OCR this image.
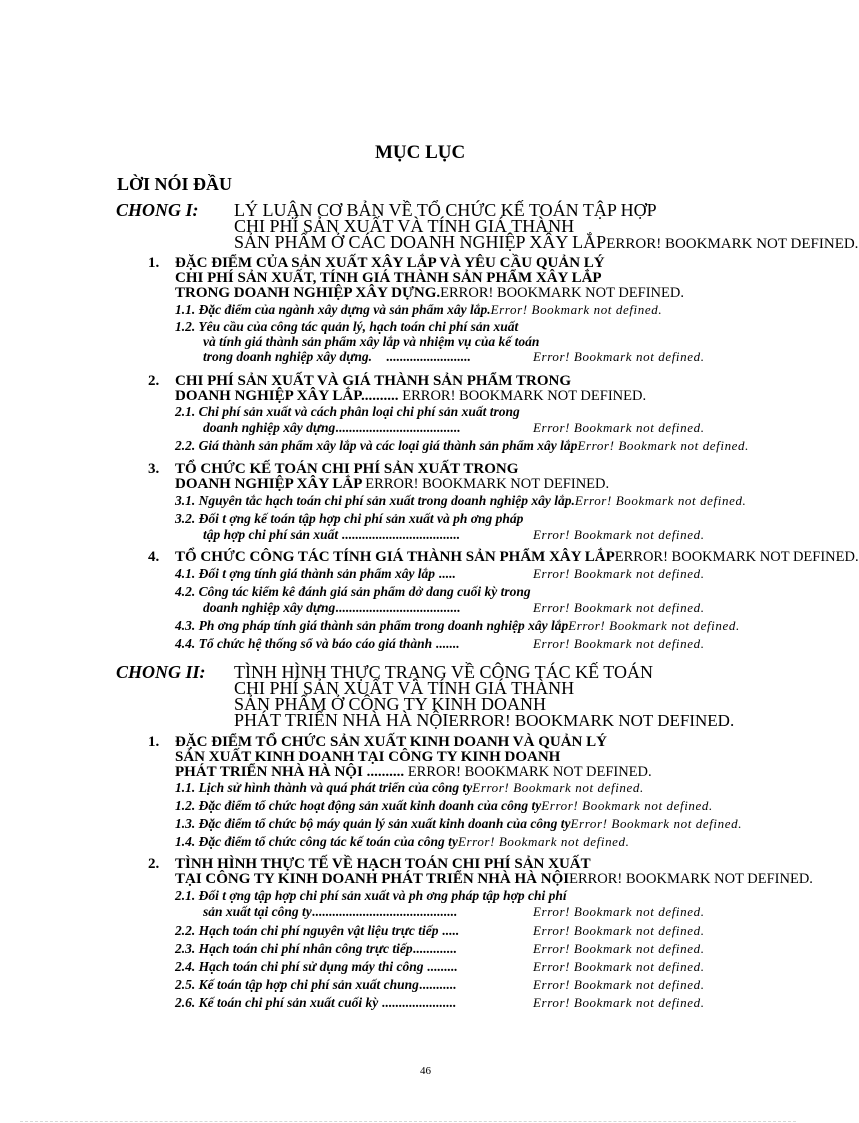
MỤC LỤC
LỜI NÓI ĐẦU
CHONG I: LÝ LUẬN CƠ BẢN VỀ TỔ CHỨC KẾ TOÁN TẬP HỢP
CHI PHÍ SẢN XUẤT VÀ TÍNH GIÁ THÀNH
SẢN PHẨM Ở CÁC DOANH NGHIỆP XÂY LẮPERROR! BOOKMARK NOT DEFINED.
1. ĐẶC ĐIỂM CỦA SẢN XUẤT XÂY LẮP VÀ YÊU CẦU QUẢN LÝ
CHI PHÍ SẢN XUẤT, TÍNH GIÁ THÀNH SẢN PHẨM XÂY LẮP
TRONG DOANH NGHIỆP XÂY DỰNG.ERROR! BOOKMARK NOT DEFINED.
1.1. Đặc điểm của ngành xây dựng và sản phẩm xây lắp.Error! Bookmark not defined.
1.2. Yêu cầu của công tác quản lý, hạch toán chi phí sản xuất
và tính giá thành sản phẩm xây lắp và nhiệm vụ của kế toán
trong doanh nghiệp xây dựng. .........................	Error! Bookmark not defined.
2. CHI PHÍ SẢN XUẤT VÀ GIÁ THÀNH SẢN PHẨM TRONG
DOANH NGHIỆP XÂY LẮP.......... ERROR! BOOKMARK NOT DEFINED.
2.1. Chi phí sản xuất và cách phân loại chi phí sản xuất trong
doanh nghiệp xây dựng.....................................	Error! Bookmark not defined.
2.2. Giá thành sản phẩm xây lắp và các loại giá thành sản phẩm xây lắpError! Bookmark not defined.
3. TỔ CHỨC KẾ TOÁN CHI PHÍ SẢN XUẤT TRONG
DOANH NGHIỆP XÂY LẮP ERROR! BOOKMARK NOT DEFINED.
3.1. Nguyên tắc hạch toán chi phí sản xuất trong doanh nghiệp xây lắp.Error! Bookmark not defined.
3.2. Đối t ợng kế toán tập hợp chi phí sản xuất và ph ơng pháp
tập hợp chi phí sản xuất ...................................	Error! Bookmark not defined.
4. TỔ CHỨC CÔNG TÁC TÍNH GIÁ THÀNH SẢN PHẨM XÂY LẮPERROR! BOOKMARK NOT DEFINED.
4.1. Đối t ợng tính giá thành sản phẩm xây lắp .....	Error! Bookmark not defined.
4.2. Công tác kiểm kê đánh giá sản phẩm dở dang cuối kỳ trong
doanh nghiệp xây dựng.....................................	Error! Bookmark not defined.
4.3. Ph ơng pháp tính giá thành sản phẩm trong doanh nghiệp xây lắpError! Bookmark not defined.
4.4. Tổ chức hệ thống sổ và báo cáo giá thành .......	Error! Bookmark not defined.
CHONG II: TÌNH HÌNH THỰC TRẠNG VỀ CÔNG TÁC KẾ TOÁN
CHI PHÍ SẢN XUẤT VÀ TÍNH GIÁ THÀNH
SẢN PHẨM Ở CÔNG TY KINH DOANH
PHÁT TRIỂN NHÀ HÀ NỘIERROR! BOOKMARK NOT DEFINED.
1. ĐẶC ĐIỂM TỔ CHỨC SẢN XUẤT KINH DOANH VÀ QUẢN LÝ
SẢN XUẤT KINH DOANH TẠI CÔNG TY KINH DOANH
PHÁT TRIỂN NHÀ HÀ NỘI .......... ERROR! BOOKMARK NOT DEFINED.
1.1. Lịch sử hình thành và quá phát triển của công tyError! Bookmark not defined.
1.2. Đặc điểm tổ chức hoạt động sản xuất kinh doanh của công tyError! Bookmark not defined.
1.3. Đặc điểm tổ chức bộ máy quản lý sản xuất kinh doanh của công tyError! Bookmark not defined.
1.4. Đặc điểm tổ chức công tác kế toán của công tyError! Bookmark not defined.
2. TÌNH HÌNH THỰC TẾ VỀ HẠCH TOÁN CHI PHÍ SẢN XUẤT
TẠI CÔNG TY KINH DOANH PHÁT TRIỂN NHÀ HÀ NỘIERROR! BOOKMARK NOT DEFINED.
2.1. Đối t ợng tập hợp chi phí sản xuất và ph ơng pháp tập hợp chi phí
sản xuất tại công ty...........................................	Error! Bookmark not defined.
2.2. Hạch toán chi phí nguyên vật liệu trực tiếp .....	Error! Bookmark not defined.
2.3. Hạch toán chi phí nhân công trực tiếp.............	Error! Bookmark not defined.
2.4. Hạch toán chi phí sử dụng máy thi công .........	Error! Bookmark not defined.
2.5. Kế toán tập hợp chi phí sản xuất chung...........	Error! Bookmark not defined.
2.6. Kế toán chi phí sản xuất cuối kỳ ......................	Error! Bookmark not defined.
46
